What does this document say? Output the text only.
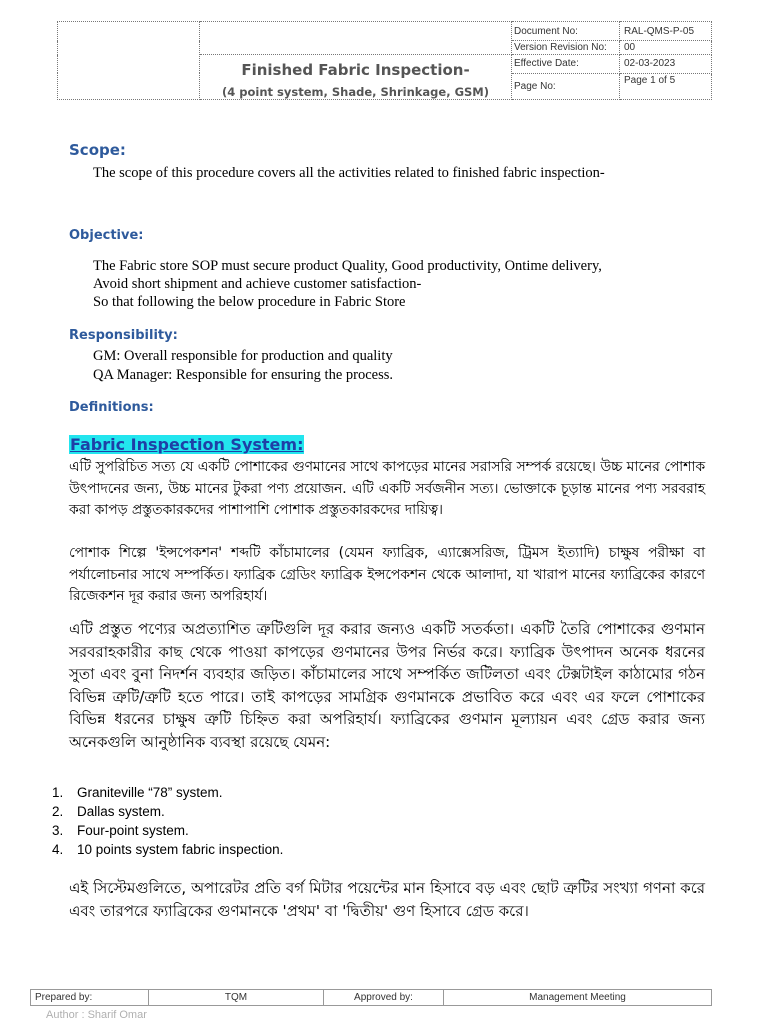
		Document No:	RAL-QMS-P-05
		Version Revision No:	00

	Finished Fabric Inspection-
(4 point system, Shade, Shrinkage, GSM)	Effective Date:	02-03-2023
		Page No:	Page 1 of 5
Scope:

The scope of this procedure covers all the activities related to finished fabric inspection-

Objective:

The Fabric store SOP must secure product Quality, Good productivity, Ontime delivery,

Avoid short shipment and achieve customer satisfaction-

So that following the below procedure in Fabric Store

Responsibility:

GM: Overall responsible for production and quality

QA Manager: Responsible for ensuring the process.

Definitions:
Fabric Inspection System:

এটি সুপরিচিত সত্য যে একটি পোশাকের গুণমানের সাথে কাপড়ের মানের সরাসরি সম্পর্ক রয়েছে। উচ্চ মানের পোশাক উৎপাদনের জন্য, উচ্চ মানের টুকরা পণ্য প্রয়োজন. এটি একটি সর্বজনীন সত্য। ভোক্তাকে চূড়ান্ত মানের পণ্য সরবরাহ করা কাপড় প্রস্তুতকারকদের পাশাপাশি পোশাক প্রস্তুতকারকদের দায়িত্ব।

পোশাক শিল্পে 'ইন্সপেকশন' শব্দটি কাঁচামালের (যেমন ফ্যাব্রিক, এ্যাক্সেসরিজ, ট্রিমস ইত্যাদি) চাক্ষুষ পরীক্ষা বা পর্যালোচনার সাথে সম্পর্কিত। ফ্যাব্রিক গ্রেডিং ফ্যাব্রিক ইন্সপেকশন থেকে আলাদা, যা খারাপ মানের ফ্যাব্রিকের কারণে রিজেকশন দূর করার জন্য অপরিহার্য।

এটি প্রস্তুত পণ্যের অপ্রত্যাশিত ত্রুটিগুলি দূর করার জন্যও একটি সতর্কতা। একটি তৈরি পোশাকের গুণমান সরবরাহকারীর কাছ থেকে পাওয়া কাপড়ের গুণমানের উপর নির্ভর করে। ফ্যাব্রিক উৎপাদন অনেক ধরনের সুতা এবং বুনা নিদর্শন ব্যবহার জড়িত। কাঁচামালের সাথে সম্পর্কিত জটিলতা এবং টেক্সটাইল কাঠামোর গঠন বিভিন্ন ত্রুটি/ত্রুটি হতে পারে। তাই কাপড়ের সামগ্রিক গুণমানকে প্রভাবিত করে এবং এর ফলে পোশাকের বিভিন্ন ধরনের চাক্ষুষ ত্রুটি চিহ্নিত করা অপরিহার্য। ফ্যাব্রিকের গুণমান মূল্যায়ন এবং গ্রেড করার জন্য অনেকগুলি আনুষ্ঠানিক ব্যবস্থা রয়েছে যেমন:

1.	Graniteville “78” system.
2.	Dallas system.
3.	Four-point system.
4.	10 points system fabric inspection.

এই সিস্টেমগুলিতে, অপারেটর প্রতি বর্গ মিটার পয়েন্টের মান হিসাবে বড় এবং ছোট ত্রুটির সংখ্যা গণনা করে এবং তারপরে ফ্যাব্রিকের গুণমানকে 'প্রথম' বা 'দ্বিতীয়' গুণ হিসাবে গ্রেড করে।

Prepared by:	TQM	Approved by:	Management Meeting
Author : Sharif Omar
